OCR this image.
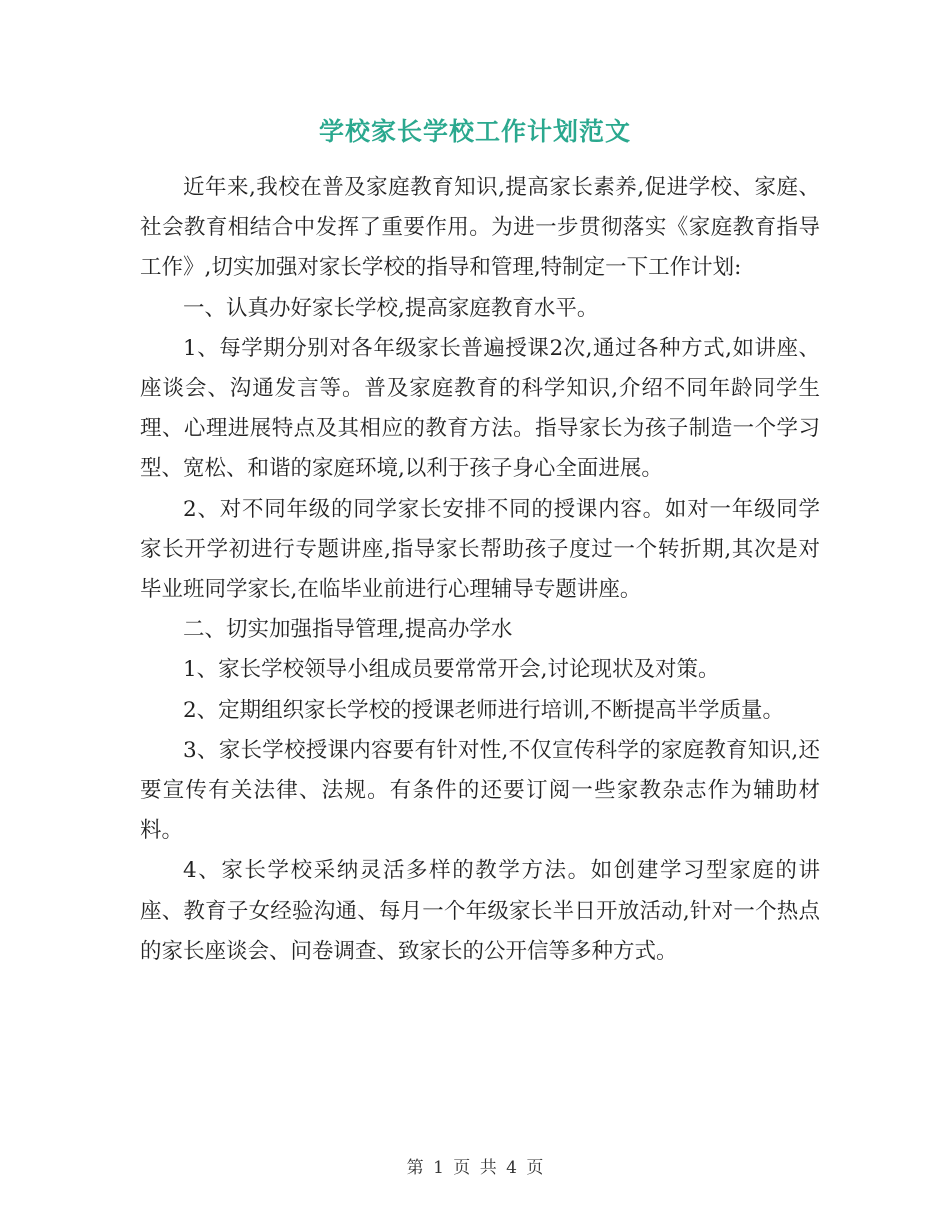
学校家长学校工作计划范文

近年来,我校在普及家庭教育知识,提高家长素养,促进学校、家庭、社会教育相结合中发挥了重要作用。为进一步贯彻落实《家庭教育指导工作》,切实加强对家长学校的指导和管理,特制定一下工作计划:

一、认真办好家长学校,提高家庭教育水平。

1、每学期分别对各年级家长普遍授课2次,通过各种方式,如讲座、座谈会、沟通发言等。普及家庭教育的科学知识,介绍不同年龄同学生理、心理进展特点及其相应的教育方法。指导家长为孩子制造一个学习型、宽松、和谐的家庭环境,以利于孩子身心全面进展。

2、对不同年级的同学家长安排不同的授课内容。如对一年级同学家长开学初进行专题讲座,指导家长帮助孩子度过一个转折期,其次是对毕业班同学家长,在临毕业前进行心理辅导专题讲座。

二、切实加强指导管理,提高办学水

1、家长学校领导小组成员要常常开会,讨论现状及对策。

2、定期组织家长学校的授课老师进行培训,不断提高半学质量。

3、家长学校授课内容要有针对性,不仅宣传科学的家庭教育知识,还要宣传有关法律、法规。有条件的还要订阅一些家教杂志作为辅助材料。

4、家长学校采纳灵活多样的教学方法。如创建学习型家庭的讲座、教育子女经验沟通、每月一个年级家长半日开放活动,针对一个热点的家长座谈会、问卷调查、致家长的公开信等多种方式。

第 1 页 共 4 页
